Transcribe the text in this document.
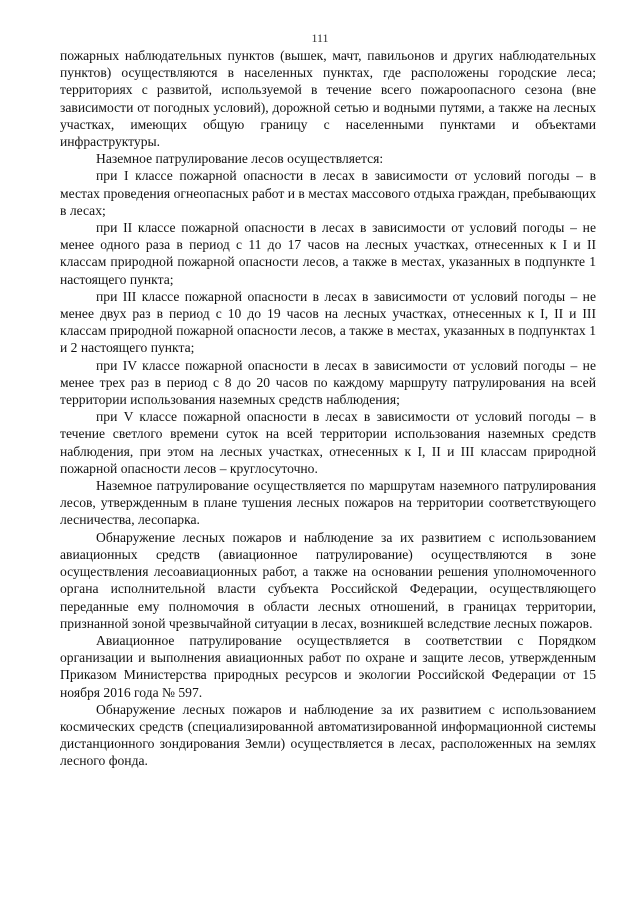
111

пожарных наблюдательных пунктов (вышек, мачт, павильонов и других наблюдательных пунктов) осуществляются в населенных пунктах, где расположены городские леса; территориях с развитой, используемой в течение всего пожароопасного сезона (вне зависимости от погодных условий), дорожной сетью и водными путями, а также на лесных участках, имеющих общую границу с населенными пунктами и объектами инфраструктуры.

Наземное патрулирование лесов осуществляется:

при I классе пожарной опасности в лесах в зависимости от условий погоды – в местах проведения огнеопасных работ и в местах массового отдыха граждан, пребывающих в лесах;

при II классе пожарной опасности в лесах в зависимости от условий погоды – не менее одного раза в период с 11 до 17 часов на лесных участках, отнесенных к I и II классам природной пожарной опасности лесов, а также в местах, указанных в подпункте 1 настоящего пункта;

при III классе пожарной опасности в лесах в зависимости от условий погоды – не менее двух раз в период с 10 до 19 часов на лесных участках, отнесенных к I, II и III классам природной пожарной опасности лесов, а также в местах, указанных в подпунктах 1 и 2 настоящего пункта;

при IV классе пожарной опасности в лесах в зависимости от условий погоды – не менее трех раз в период с 8 до 20 часов по каждому маршруту патрулирования на всей территории использования наземных средств наблюдения;

при V классе пожарной опасности в лесах в зависимости от условий погоды – в течение светлого времени суток на всей территории использования наземных средств наблюдения, при этом на лесных участках, отнесенных к I, II и III классам природной пожарной опасности лесов – круглосуточно.

Наземное патрулирование осуществляется по маршрутам наземного патрулирования лесов, утвержденным в плане тушения лесных пожаров на территории соответствующего лесничества, лесопарка.

Обнаружение лесных пожаров и наблюдение за их развитием с использованием авиационных средств (авиационное патрулирование) осуществляются в зоне осуществления лесоавиационных работ, а также на основании решения уполномоченного органа исполнительной власти субъекта Российской Федерации, осуществляющего переданные ему полномочия в области лесных отношений, в границах территории, признанной зоной чрезвычайной ситуации в лесах, возникшей вследствие лесных пожаров.

Авиационное патрулирование осуществляется в соответствии с Порядком организации и выполнения авиационных работ по охране и защите лесов, утвержденным Приказом Министерства природных ресурсов и экологии Российской Федерации от 15 ноября 2016 года № 597.

Обнаружение лесных пожаров и наблюдение за их развитием с использованием космических средств (специализированной автоматизированной информационной системы дистанционного зондирования Земли) осуществляется в лесах, расположенных на землях лесного фонда.
